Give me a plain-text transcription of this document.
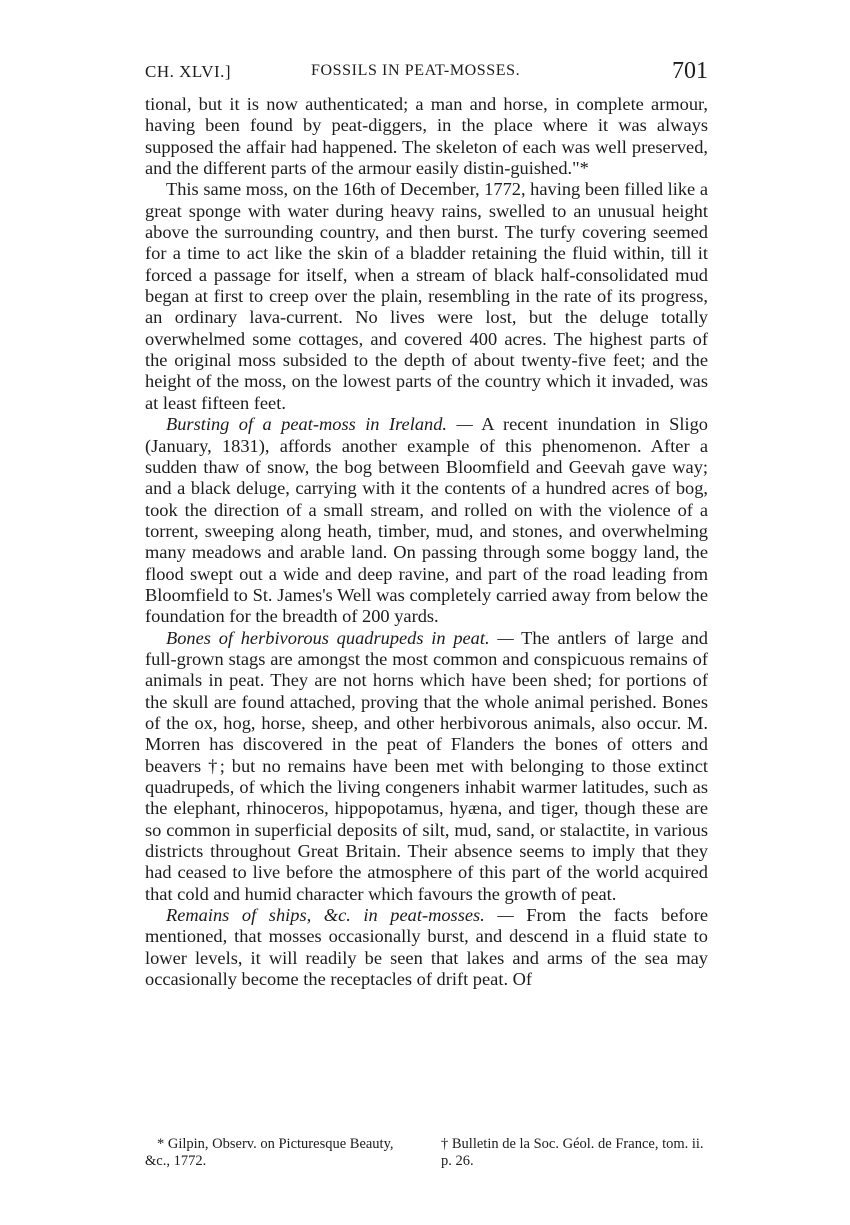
CH. XLVI.]	FOSSILS IN PEAT-MOSSES.	701

tional, but it is now authenticated; a man and horse, in complete armour, having been found by peat-diggers, in the place where it was always supposed the affair had happened. The skeleton of each was well preserved, and the different parts of the armour easily distin-guished."*

This same moss, on the 16th of December, 1772, having been filled like a great sponge with water during heavy rains, swelled to an unusual height above the surrounding country, and then burst. The turfy covering seemed for a time to act like the skin of a bladder retaining the fluid within, till it forced a passage for itself, when a stream of black half-consolidated mud began at first to creep over the plain, resembling in the rate of its progress, an ordinary lava-current. No lives were lost, but the deluge totally overwhelmed some cottages, and covered 400 acres. The highest parts of the original moss subsided to the depth of about twenty-five feet; and the height of the moss, on the lowest parts of the country which it invaded, was at least fifteen feet.

Bursting of a peat-moss in Ireland. — A recent inundation in Sligo (January, 1831), affords another example of this phenomenon. After a sudden thaw of snow, the bog between Bloomfield and Geevah gave way; and a black deluge, carrying with it the contents of a hundred acres of bog, took the direction of a small stream, and rolled on with the violence of a torrent, sweeping along heath, timber, mud, and stones, and overwhelming many meadows and arable land. On passing through some boggy land, the flood swept out a wide and deep ravine, and part of the road leading from Bloomfield to St. James's Well was completely carried away from below the foundation for the breadth of 200 yards.

Bones of herbivorous quadrupeds in peat. — The antlers of large and full-grown stags are amongst the most common and conspicuous remains of animals in peat. They are not horns which have been shed; for portions of the skull are found attached, proving that the whole animal perished. Bones of the ox, hog, horse, sheep, and other herbivorous animals, also occur. M. Morren has discovered in the peat of Flanders the bones of otters and beavers †; but no remains have been met with belonging to those extinct quadrupeds, of which the living congeners inhabit warmer latitudes, such as the elephant, rhinoceros, hippopotamus, hyæna, and tiger, though these are so common in superficial deposits of silt, mud, sand, or stalactite, in various districts throughout Great Britain. Their absence seems to imply that they had ceased to live before the atmosphere of this part of the world acquired that cold and humid character which favours the growth of peat.

Remains of ships, &c. in peat-mosses. — From the facts before mentioned, that mosses occasionally burst, and descend in a fluid state to lower levels, it will readily be seen that lakes and arms of the sea may occasionally become the receptacles of drift peat. Of

* Gilpin, Observ. on Picturesque Beauty, &c., 1772.
† Bulletin de la Soc. Géol. de France, tom. ii. p. 26.
